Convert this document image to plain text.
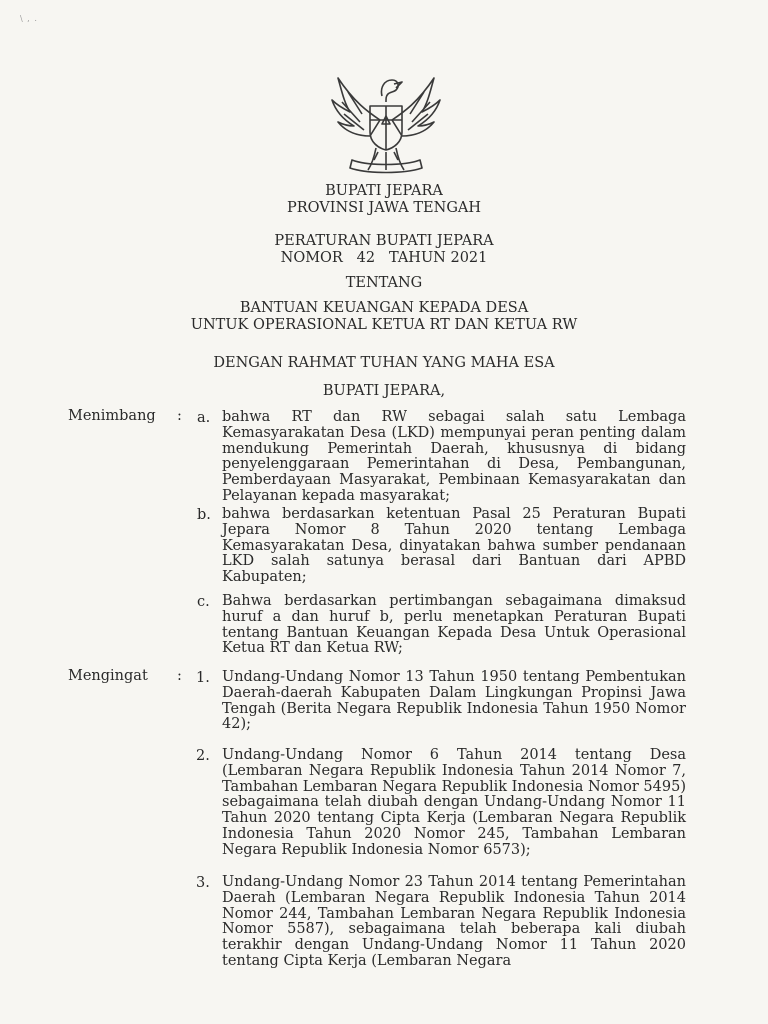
\ , .
BUPATI JEPARA
PROVINSI JAWA TENGAH
PERATURAN BUPATI JEPARA
NOMOR   42   TAHUN 2021
TENTANG
BANTUAN KEUANGAN KEPADA DESA
UNTUK OPERASIONAL KETUA RT DAN KETUA RW
DENGAN RAHMAT TUHAN YANG MAHA ESA
BUPATI JEPARA,
Menimbang : a. bahwa RT dan RW sebagai salah satu Lembaga Kemasyarakatan Desa (LKD) mempunyai peran penting dalam mendukung Pemerintah Daerah, khususnya di bidang penyelenggaraan Pemerintahan di Desa, Pembangunan, Pemberdayaan Masyarakat, Pembinaan Kemasyarakatan dan Pelayanan kepada masyarakat;
b. bahwa berdasarkan ketentuan Pasal 25 Peraturan Bupati Jepara Nomor 8 Tahun 2020 tentang Lembaga Kemasyarakatan Desa, dinyatakan bahwa sumber pendanaan LKD salah satunya berasal dari Bantuan dari APBD Kabupaten;
c. Bahwa berdasarkan pertimbangan sebagaimana dimaksud huruf a dan huruf b, perlu menetapkan Peraturan Bupati tentang Bantuan Keuangan Kepada Desa Untuk Operasional Ketua RT dan Ketua RW;
Mengingat : 1. Undang-Undang Nomor 13 Tahun 1950 tentang Pembentukan Daerah-daerah Kabupaten Dalam Lingkungan Propinsi Jawa Tengah (Berita Negara Republik Indonesia Tahun 1950 Nomor 42);
2. Undang-Undang Nomor 6 Tahun 2014 tentang Desa (Lembaran Negara Republik Indonesia Tahun 2014 Nomor 7, Tambahan Lembaran Negara Republik Indonesia Nomor 5495) sebagaimana telah diubah dengan Undang-Undang Nomor 11 Tahun 2020 tentang Cipta Kerja (Lembaran Negara Republik Indonesia Tahun 2020 Nomor 245, Tambahan Lembaran Negara Republik Indonesia Nomor 6573);
3. Undang-Undang Nomor 23 Tahun 2014 tentang Pemerintahan Daerah (Lembaran Negara Republik Indonesia Tahun 2014 Nomor 244, Tambahan Lembaran Negara Republik Indonesia Nomor 5587), sebagaimana telah beberapa kali diubah terakhir dengan Undang-Undang Nomor 11 Tahun 2020 tentang Cipta Kerja (Lembaran Negara
